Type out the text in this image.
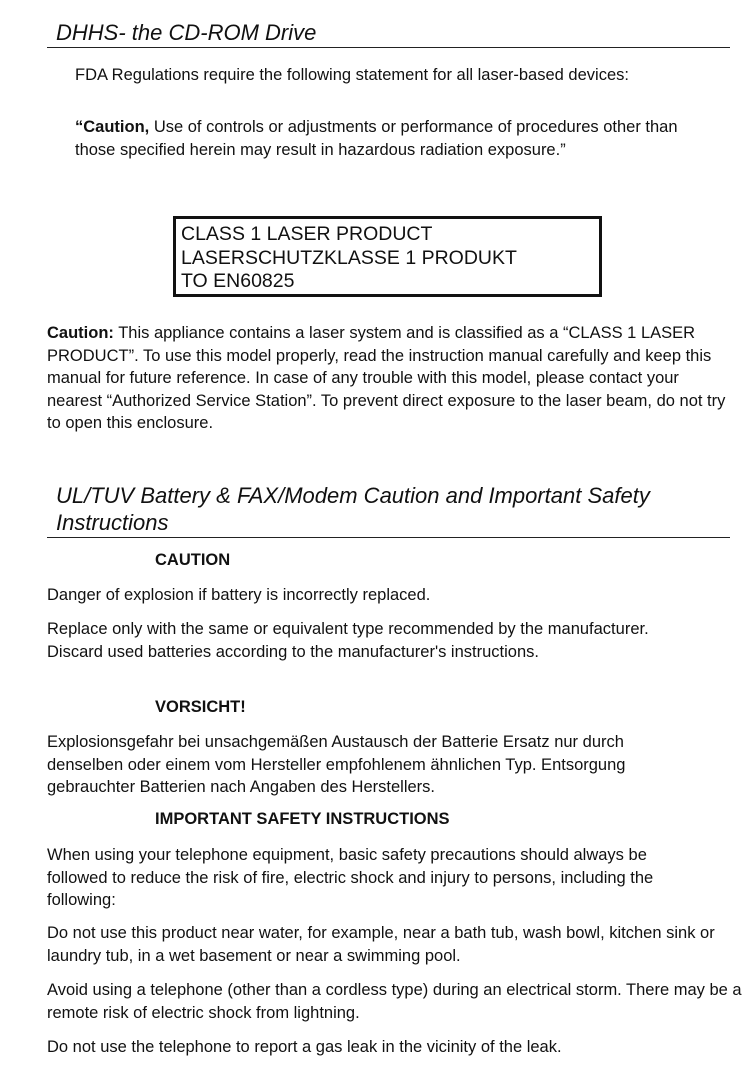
DHHS- the CD-ROM Drive

FDA Regulations require the following statement for all laser-based devices:

“Caution, Use of controls or adjustments or performance of procedures other than those specified herein may result in hazardous radiation exposure.”

CLASS 1 LASER PRODUCT
LASERSCHUTZKLASSE 1 PRODUKT
TO EN60825

Caution: This appliance contains a laser system and is classified as a “CLASS 1 LASER PRODUCT”. To use this model properly, read the instruction manual carefully and keep this manual for future reference. In case of any trouble with this model, please contact your nearest “Authorized Service Station”. To prevent direct exposure to the laser beam, do not try to open this enclosure.

UL/TUV Battery & FAX/Modem Caution and Important Safety Instructions
CAUTION

Danger of explosion if battery is incorrectly replaced.

Replace only with the same or equivalent type recommended by the manufacturer. Discard used batteries according to the manufacturer's instructions.

VORSICHT!

Explosionsgefahr bei unsachgemäßen Austausch der Batterie Ersatz nur durch denselben oder einem vom Hersteller empfohlenem ähnlichen Typ. Entsorgung gebrauchter Batterien nach Angaben des Herstellers.

IMPORTANT SAFETY INSTRUCTIONS

When using your telephone equipment, basic safety precautions should always be followed to reduce the risk of fire, electric shock and injury to persons, including the following:

Do not use this product near water, for example, near a bath tub, wash bowl, kitchen sink or laundry tub, in a wet basement or near a swimming pool.

Avoid using a telephone (other than a cordless type) during an electrical storm. There may be a remote risk of electric shock from lightning.

Do not use the telephone to report a gas leak in the vicinity of the leak.
